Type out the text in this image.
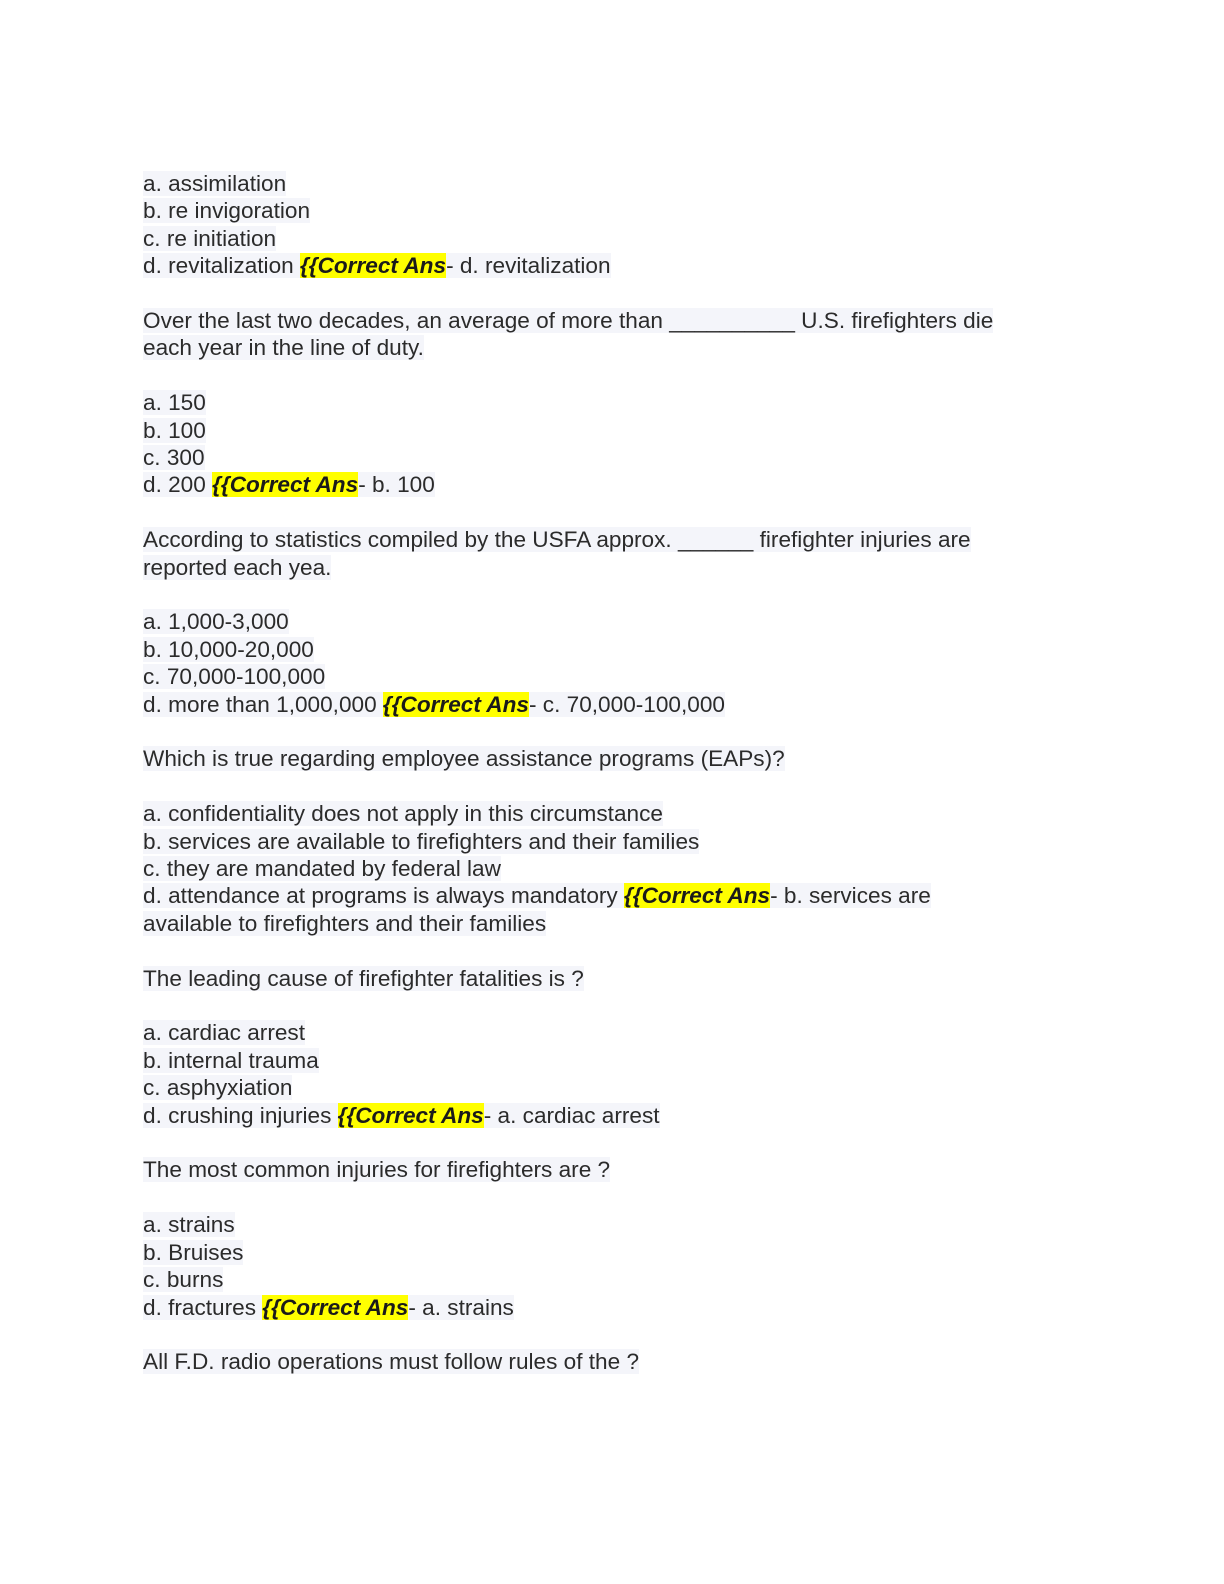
a. assimilation
b. re invigoration
c. re initiation
d. revitalization {{Correct Ans- d. revitalization
Over the last two decades, an average of more than __________ U.S. firefighters die
each year in the line of duty.
a. 150
b. 100
c. 300
d. 200 {{Correct Ans- b. 100
According to statistics compiled by the USFA approx. ______ firefighter injuries are
reported each yea.
a. 1,000-3,000
b. 10,000-20,000
c. 70,000-100,000
d. more than 1,000,000 {{Correct Ans- c. 70,000-100,000
Which is true regarding employee assistance programs (EAPs)?
a. confidentiality does not apply in this circumstance
b. services are available to firefighters and their families
c. they are mandated by federal law
d. attendance at programs is always mandatory {{Correct Ans- b. services are
available to firefighters and their families
The leading cause of firefighter fatalities is ?
a. cardiac arrest
b. internal trauma
c. asphyxiation
d. crushing injuries {{Correct Ans- a. cardiac arrest
The most common injuries for firefighters are ?
a. strains
b. Bruises
c. burns
d. fractures {{Correct Ans- a. strains
All F.D. radio operations must follow rules of the ?
